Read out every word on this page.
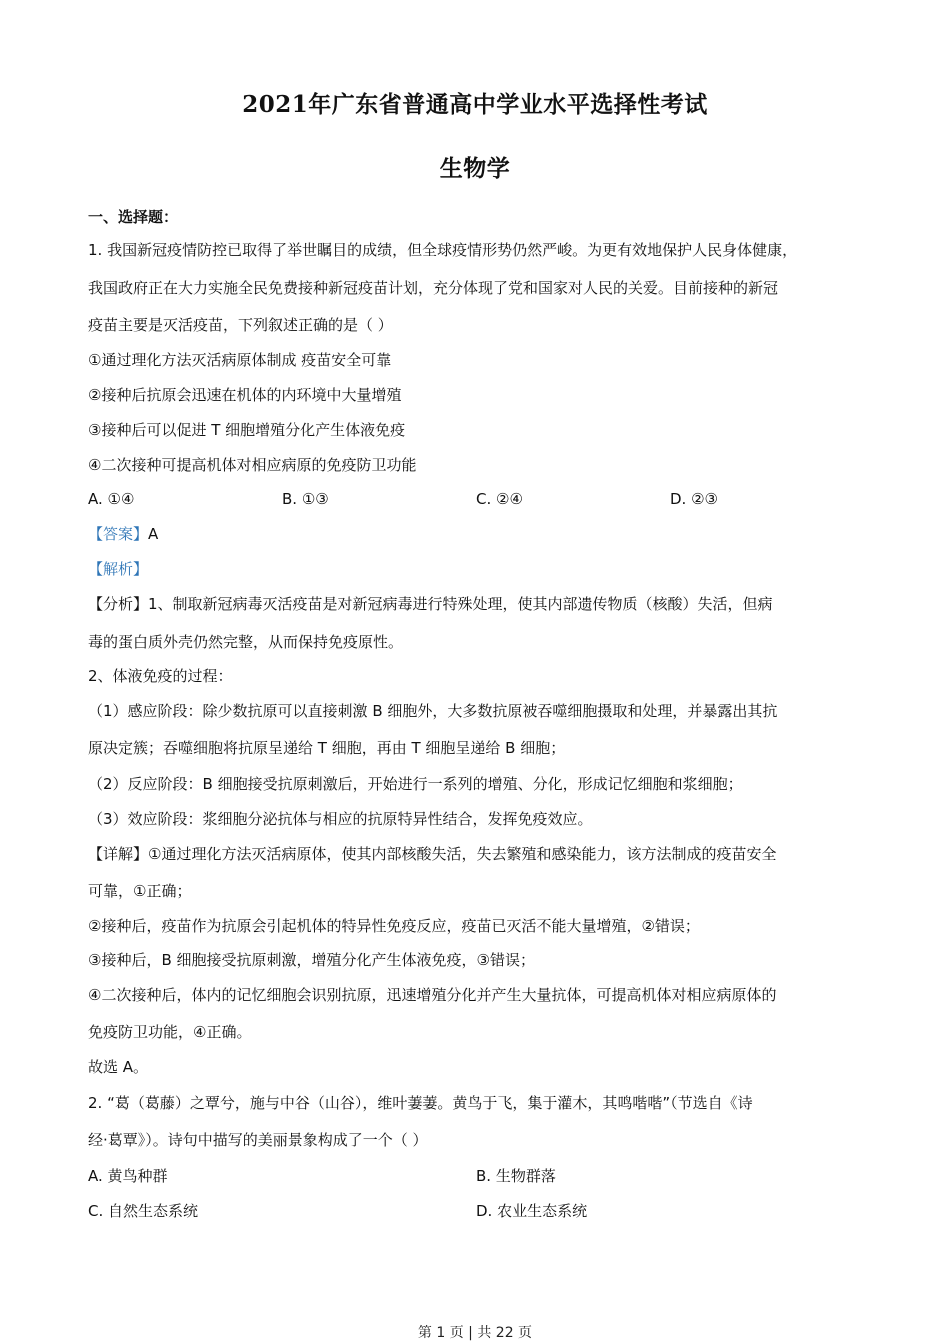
2021年广东省普通高中学业水平选择性考试
生物学
一、选择题：
1. 我国新冠疫情防控已取得了举世瞩目的成绩，但全球疫情形势仍然严峻。为更有效地保护人民身体健康，
我国政府正在大力实施全民免费接种新冠疫苗计划，充分体现了党和国家对人民的关爱。目前接种的新冠
疫苗主要是灭活疫苗，下列叙述正确的是（ ）
①通过理化方法灭活病原体制成 疫苗安全可靠
②接种后抗原会迅速在机体的内环境中大量增殖
③接种后可以促进 T 细胞增殖分化产生体液免疫
④二次接种可提高机体对相应病原的免疫防卫功能
A. ①④	B. ①③	C. ②④	D. ②③
【答案】A
【解析】
【分析】1、制取新冠病毒灭活疫苗是对新冠病毒进行特殊处理，使其内部遗传物质（核酸）失活，但病
毒的蛋白质外壳仍然完整，从而保持免疫原性。
2、体液免疫的过程：
（1）感应阶段：除少数抗原可以直接刺激 B 细胞外，大多数抗原被吞噬细胞摄取和处理，并暴露出其抗
原决定簇；吞噬细胞将抗原呈递给 T 细胞，再由 T 细胞呈递给 B 细胞；
（2）反应阶段：B 细胞接受抗原刺激后，开始进行一系列的增殖、分化，形成记忆细胞和浆细胞；
（3）效应阶段：浆细胞分泌抗体与相应的抗原特异性结合，发挥免疫效应。
【详解】①通过理化方法灭活病原体，使其内部核酸失活，失去繁殖和感染能力，该方法制成的疫苗安全
可靠，①正确；
②接种后，疫苗作为抗原会引起机体的特异性免疫反应，疫苗已灭活不能大量增殖，②错误；
③接种后，B 细胞接受抗原刺激，增殖分化产生体液免疫，③错误；
④二次接种后，体内的记忆细胞会识别抗原，迅速增殖分化并产生大量抗体，可提高机体对相应病原体的
免疫防卫功能，④正确。
故选 A。
2. “葛（葛藤）之覃兮，施与中谷（山谷），维叶萋萋。黄鸟于飞，集于灌木，其鸣喈喈”（节选自《诗
经·葛覃》）。诗句中描写的美丽景象构成了一个（ ）
A. 黄鸟种群	B. 生物群落
C. 自然生态系统	D. 农业生态系统
第 1 页 | 共 22 页
